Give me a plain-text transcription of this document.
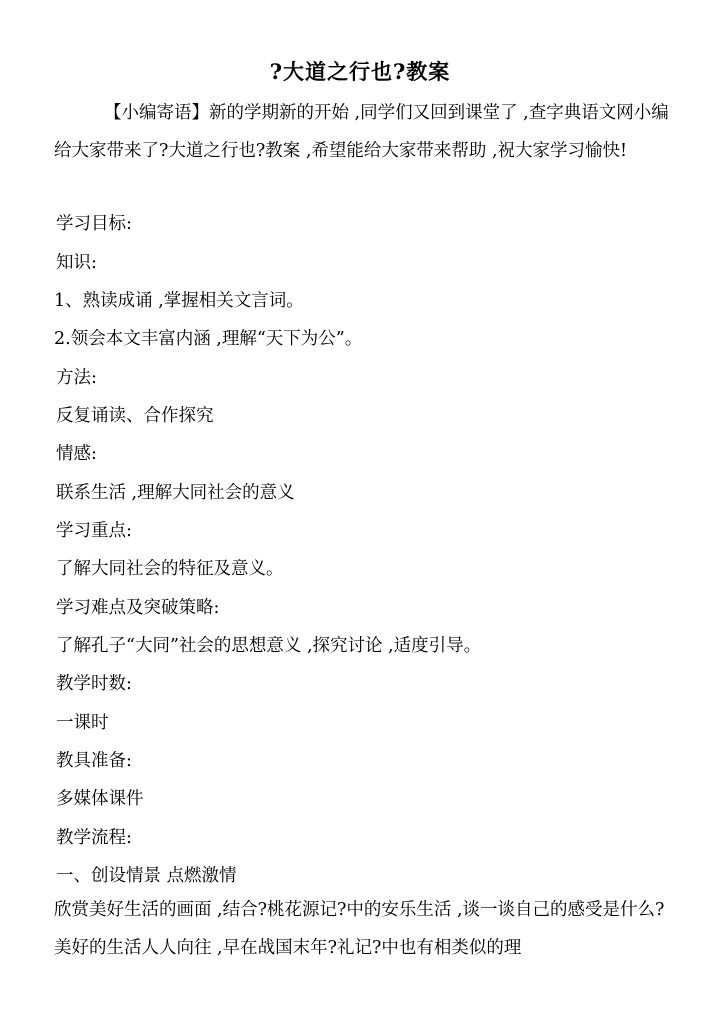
?大道之行也?教案
【小编寄语】新的学期新的开始 ,同学们又回到课堂了 ,查字典语文网小编给大家带来了?大道之行也?教案 ,希望能给大家带来帮助 ,祝大家学习愉快!
学习目标:
知识:
1、熟读成诵 ,掌握相关文言词。
2.领会本文丰富内涵 ,理解“天下为公”。
方法:
反复诵读、合作探究
情感:
联系生活 ,理解大同社会的意义
学习重点:
了解大同社会的特征及意义。
学习难点及突破策略:
了解孔子“大同”社会的思想意义 ,探究讨论 ,适度引导。
教学时数:
一课时
教具准备:
多媒体课件
教学流程:
一、创设情景 点燃激情
欣赏美好生活的画面 ,结合?桃花源记?中的安乐生活 ,谈一谈自己的感受是什么?美好的生活人人向往 ,早在战国末年?礼记?中也有相类似的理
